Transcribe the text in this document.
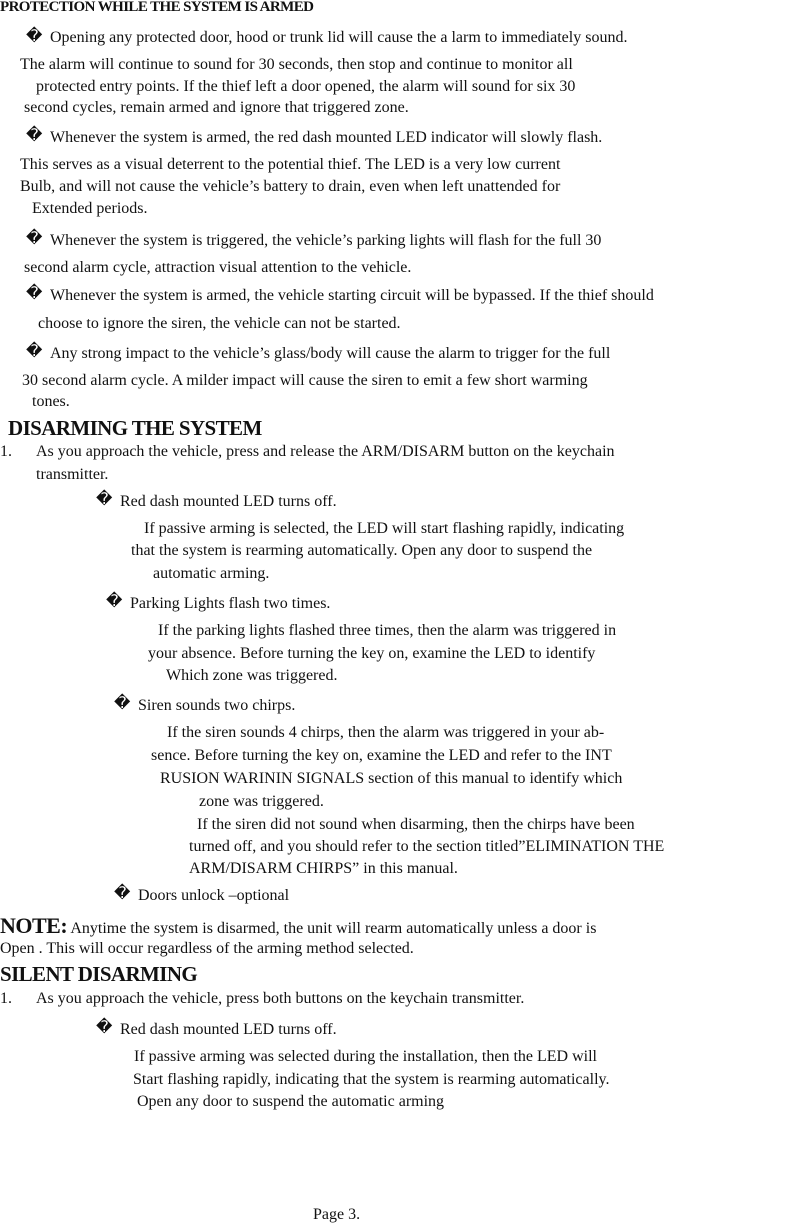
PROTECTION WHILE THE SYSTEM IS ARMED
� Opening any protected door, hood or trunk lid will cause the a larm to immediately sound.
The alarm will continue to sound for 30 seconds, then stop and continue to monitor all
protected entry points. If the thief left a door opened, the alarm will sound for six 30
second cycles, remain armed and ignore that triggered zone.
� Whenever the system is armed, the red dash mounted LED indicator will slowly flash.
This serves as a visual deterrent to the potential thief. The LED is a very low current
Bulb, and will not cause the vehicle’s battery to drain, even when left unattended for
Extended periods.
� Whenever the system is triggered, the vehicle’s parking lights will flash for the full 30
second alarm cycle, attraction visual attention to the vehicle.
� Whenever the system is armed, the vehicle starting circuit will be bypassed. If the thief should
choose to ignore the siren, the vehicle can not be started.
� Any strong impact to the vehicle’s glass/body will cause the alarm to trigger for the full
30 second alarm cycle. A milder impact will cause the siren to emit a few short warming
tones.
DISARMING THE SYSTEM
1. As you approach the vehicle, press and release the ARM/DISARM button on the keychain
transmitter.
� Red dash mounted LED turns off.
If passive arming is selected, the LED will start flashing rapidly, indicating
that the system is rearming automatically. Open any door to suspend the
automatic arming.
� Parking Lights flash two times.
If the parking lights flashed three times, then the alarm was triggered in
your absence. Before turning the key on, examine the LED to identify
Which zone was triggered.
� Siren sounds two chirps.
If the siren sounds 4 chirps, then the alarm was triggered in your ab-
sence. Before turning the key on, examine the LED and refer to the INT
RUSION WARININ SIGNALS section of this manual to identify which
zone was triggered.
If the siren did not sound when disarming, then the chirps have been
turned off, and you should refer to the section titled”ELIMINATION THE
ARM/DISARM CHIRPS” in this manual.
� Doors unlock –optional
NOTE: Anytime the system is disarmed, the unit will rearm automatically unless a door is
Open . This will occur regardless of the arming method selected.
SILENT DISARMING
1. As you approach the vehicle, press both buttons on the keychain transmitter.
� Red dash mounted LED turns off.
If passive arming was selected during the installation, then the LED will
Start flashing rapidly, indicating that the system is rearming automatically.
Open any door to suspend the automatic arming
Page 3.
